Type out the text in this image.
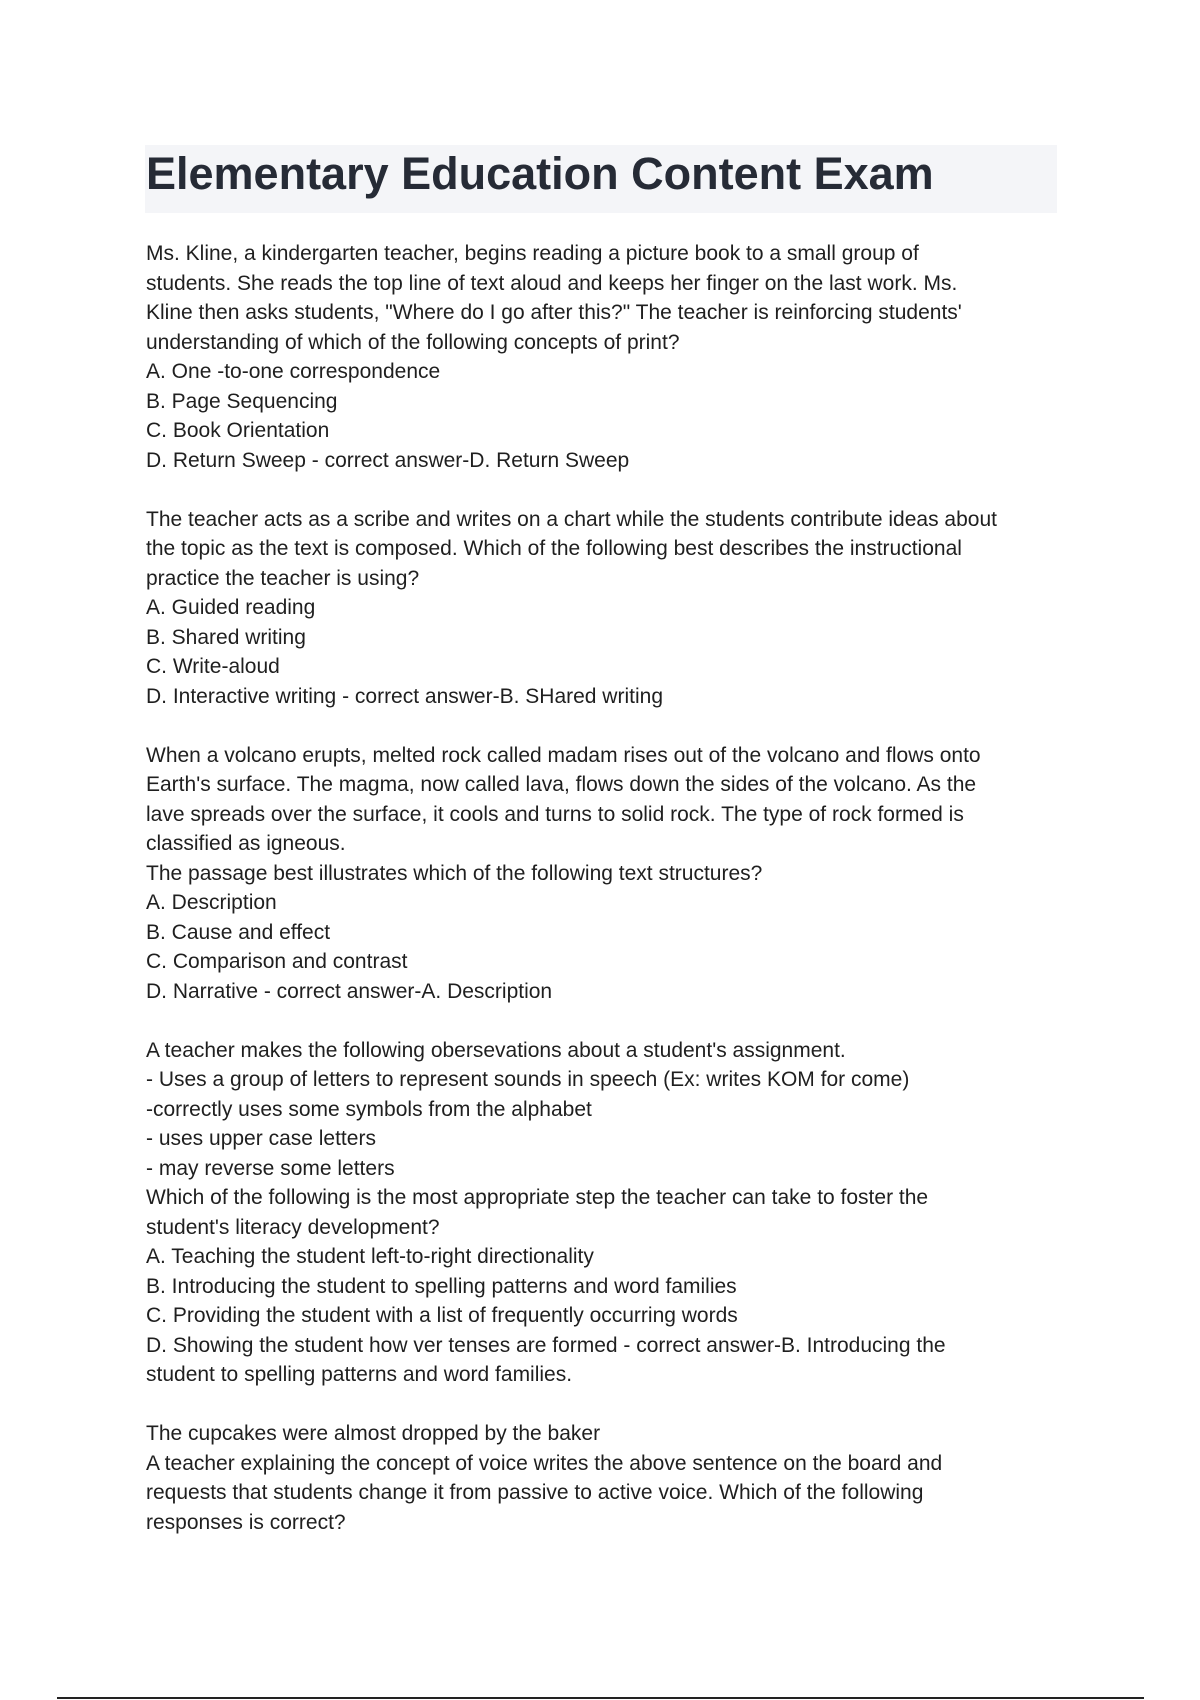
Elementary Education Content Exam
Ms. Kline, a kindergarten teacher, begins reading a picture book to a small group of
students. She reads the top line of text aloud and keeps her finger on the last work. Ms.
Kline then asks students, "Where do I go after this?" The teacher is reinforcing students'
understanding of which of the following concepts of print?
A. One -to-one correspondence
B. Page Sequencing
C. Book Orientation
D. Return Sweep - correct answer-D. Return Sweep
The teacher acts as a scribe and writes on a chart while the students contribute ideas about
the topic as the text is composed. Which of the following best describes the instructional
practice the teacher is using?
A. Guided reading
B. Shared writing
C. Write-aloud
D. Interactive writing - correct answer-B. SHared writing
When a volcano erupts, melted rock called madam rises out of the volcano and flows onto
Earth's surface. The magma, now called lava, flows down the sides of the volcano. As the
lave spreads over the surface, it cools and turns to solid rock. The type of rock formed is
classified as igneous.
The passage best illustrates which of the following text structures?
A. Description
B. Cause and effect
C. Comparison and contrast
D. Narrative - correct answer-A. Description
A teacher makes the following obersevations about a student's assignment.
- Uses a group of letters to represent sounds in speech (Ex: writes KOM for come)
-correctly uses some symbols from the alphabet
- uses upper case letters
- may reverse some letters
Which of the following is the most appropriate step the teacher can take to foster the
student's literacy development?
A. Teaching the student left-to-right directionality
B. Introducing the student to spelling patterns and word families
C. Providing the student with a list of frequently occurring words
D. Showing the student how ver tenses are formed - correct answer-B. Introducing the
student to spelling patterns and word families.
The cupcakes were almost dropped by the baker
A teacher explaining the concept of voice writes the above sentence on the board and
requests that students change it from passive to active voice. Which of the following
responses is correct?
